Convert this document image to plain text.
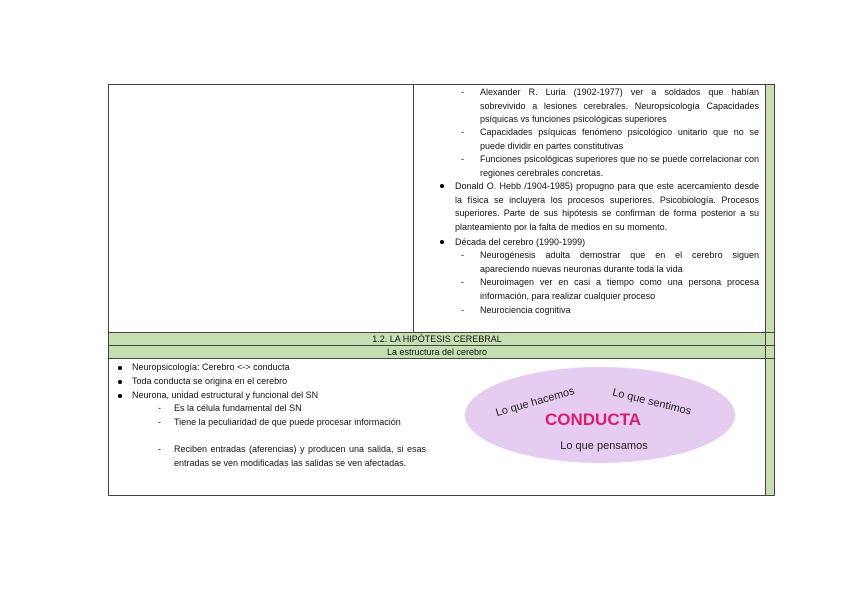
1.2. LA HIPÓTESIS CEREBRAL
La estructura del cerebro
- Alexander R. Luria (1902-1977) ver a soldados que habían sobrevivido a lesiones cerebrales. Neuropsicología Capacidades psíquicas vs funciones psicológicas superiores
- Capacidades psíquicas fenómeno psicológico unitario que no se puede dividir en partes constitutivas
- Funciones psicológicas superiores que no se puede correlacionar con regiones cerebrales concretas.
Donald O. Hebb /1904-1985) propugno para que este acercamiento desde la física se incluyera los procesos superiores. Psicobiología. Procesos superiores. Parte de sus hipótesis se confirman de forma posterior a su planteamiento por la falta de medios en su momento.
Década del cerebro (1990-1999)
- Neurogénesis adulta demostrar que en el cerebro siguen apareciendo nuevas neuronas durante toda la vida
- Neuroimagen ver en casi a tiempo como una persona procesa información, para realizar cualquier proceso
- Neurociencia cognitiva
Neuropsicología: Cerebro <-> conducta
Toda conducta se origina en el cerebro
Neurona, unidad estructural y funcional del SN
- Es la célula fundamental del SN
- Tiene la peculiaridad de que puede procesar información
- Reciben entradas (aferencias) y producen una salida, si esas entradas se ven modificadas las salidas se ven afectadas.
CONDUCTA
Lo que hacemos	Lo que sentimos
Lo que pensamos
